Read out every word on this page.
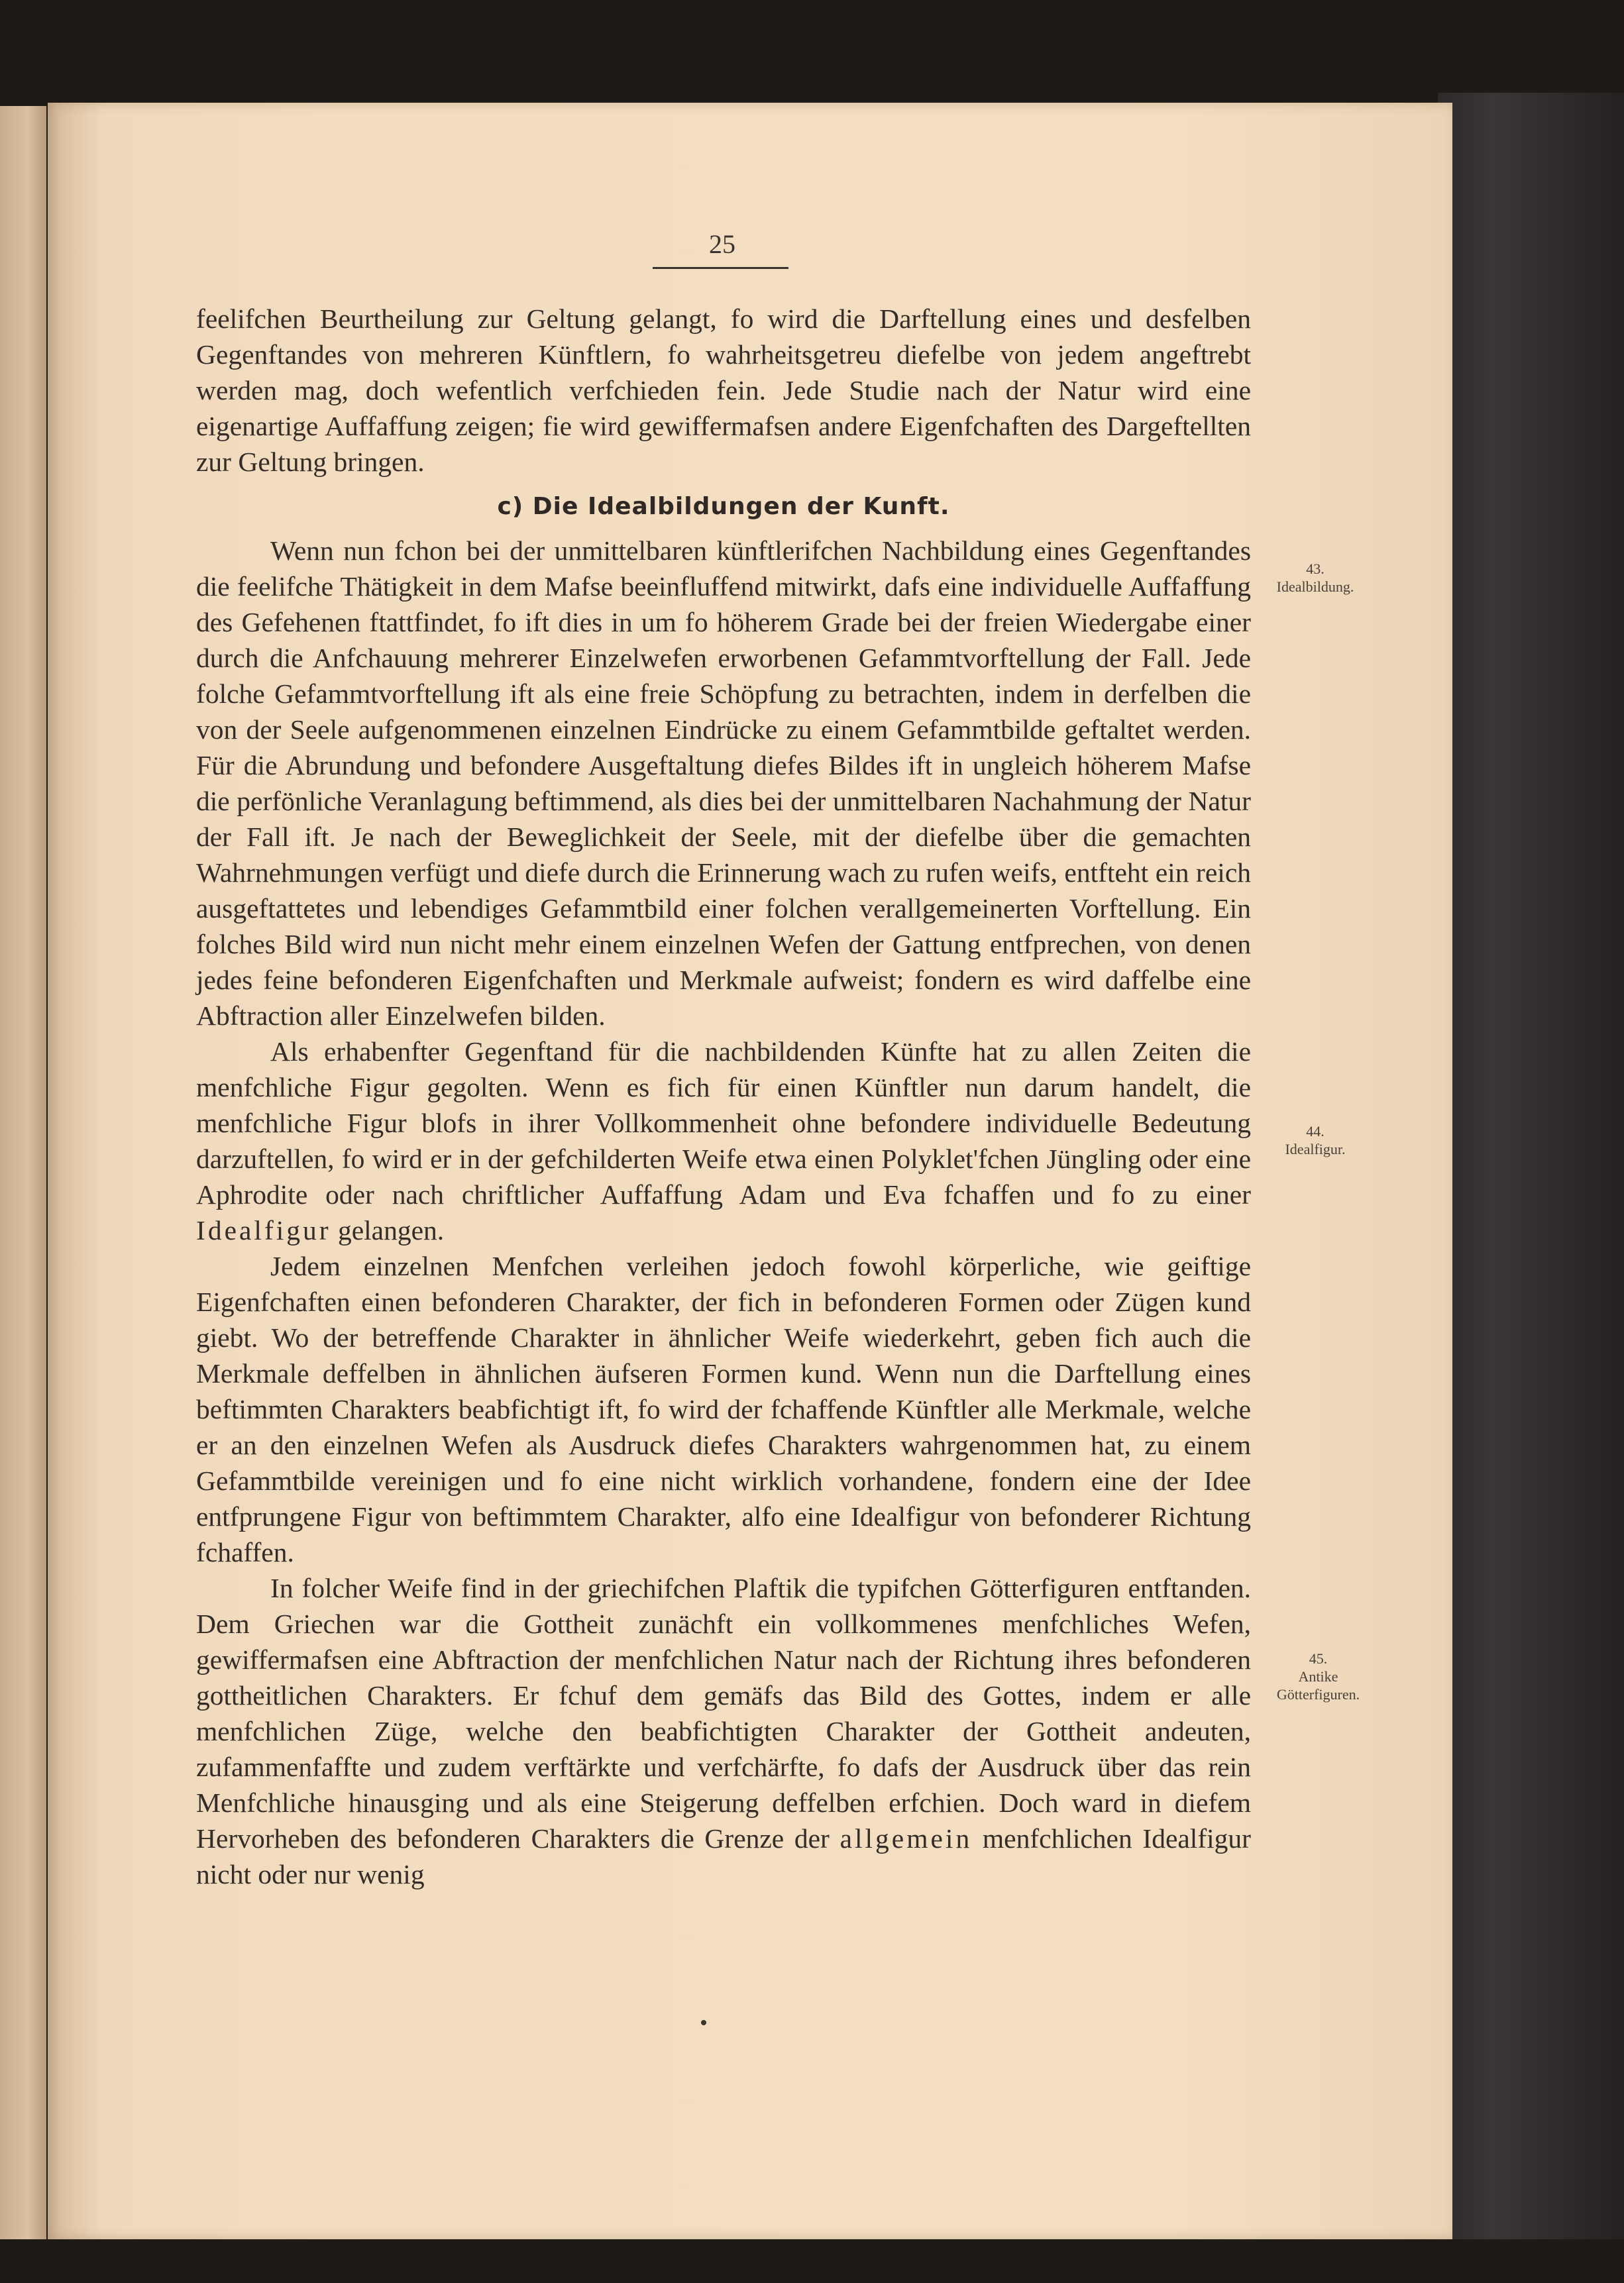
25

feelifchen Beurtheilung zur Geltung gelangt, fo wird die Darftellung eines und desfelben Gegenftandes von mehreren Künftlern, fo wahrheitsgetreu diefelbe von jedem angeftrebt werden mag, doch wefentlich verfchieden fein. Jede Studie nach der Natur wird eine eigenartige Auffaffung zeigen; fie wird gewiffermafsen andere Eigenfchaften des Dargeftellten zur Geltung bringen.

c) Die Idealbildungen der Kunft.

Wenn nun fchon bei der unmittelbaren künftlerifchen Nachbildung eines Gegenftandes die feelifche Thätigkeit in dem Mafse beeinfluffend mitwirkt, dafs eine individuelle Auffaffung des Gefehenen ftattfindet, fo ift dies in um fo höherem Grade bei der freien Wiedergabe einer durch die Anfchauung mehrerer Einzelwefen erworbenen Gefammtvorftellung der Fall. Jede folche Gefammtvorftellung ift als eine freie Schöpfung zu betrachten, indem in derfelben die von der Seele aufgenommenen einzelnen Eindrücke zu einem Gefammtbilde geftaltet werden. Für die Abrundung und befondere Ausgeftaltung diefes Bildes ift in ungleich höherem Mafse die perfönliche Veranlagung beftimmend, als dies bei der unmittelbaren Nachahmung der Natur der Fall ift. Je nach der Beweglichkeit der Seele, mit der diefelbe über die gemachten Wahrnehmungen verfügt und diefe durch die Erinnerung wach zu rufen weifs, entfteht ein reich ausgeftattetes und lebendiges Gefammtbild einer folchen verallgemeinerten Vorftellung. Ein folches Bild wird nun nicht mehr einem einzelnen Wefen der Gattung entfprechen, von denen jedes feine befonderen Eigenfchaften und Merkmale aufweist; fondern es wird daffelbe eine Abftraction aller Einzelwefen bilden.

Als erhabenfter Gegenftand für die nachbildenden Künfte hat zu allen Zeiten die menfchliche Figur gegolten. Wenn es fich für einen Künftler nun darum handelt, die menfchliche Figur blofs in ihrer Vollkommenheit ohne befondere individuelle Bedeutung darzuftellen, fo wird er in der gefchilderten Weife etwa einen Polyklet'fchen Jüngling oder eine Aphrodite oder nach chriftlicher Auffaffung Adam und Eva fchaffen und fo zu einer Idealfigur gelangen.

Jedem einzelnen Menfchen verleihen jedoch fowohl körperliche, wie geiftige Eigenfchaften einen befonderen Charakter, der fich in befonderen Formen oder Zügen kund giebt. Wo der betreffende Charakter in ähnlicher Weife wiederkehrt, geben fich auch die Merkmale deffelben in ähnlichen äufseren Formen kund. Wenn nun die Darftellung eines beftimmten Charakters beabfichtigt ift, fo wird der fchaffende Künftler alle Merkmale, welche er an den einzelnen Wefen als Ausdruck diefes Charakters wahrgenommen hat, zu einem Gefammtbilde vereinigen und fo eine nicht wirklich vorhandene, fondern eine der Idee entfprungene Figur von beftimmtem Charakter, alfo eine Idealfigur von befonderer Richtung fchaffen.

In folcher Weife find in der griechifchen Plaftik die typifchen Götterfiguren entftanden. Dem Griechen war die Gottheit zunächft ein vollkommenes menfchliches Wefen, gewiffermafsen eine Abftraction der menfchlichen Natur nach der Richtung ihres befonderen gottheitlichen Charakters. Er fchuf dem gemäfs das Bild des Gottes, indem er alle menfchlichen Züge, welche den beabfichtigten Charakter der Gottheit andeuten, zufammenfaffte und zudem verftärkte und verfchärfte, fo dafs der Ausdruck über das rein Menfchliche hinausging und als eine Steigerung deffelben erfchien. Doch ward in diefem Hervorheben des befonderen Charakters die Grenze der allgemein menfchlichen Idealfigur nicht oder nur wenig

43.
Idealbildung.
44.
Idealfigur.
45.
Antike
Götterfiguren.
